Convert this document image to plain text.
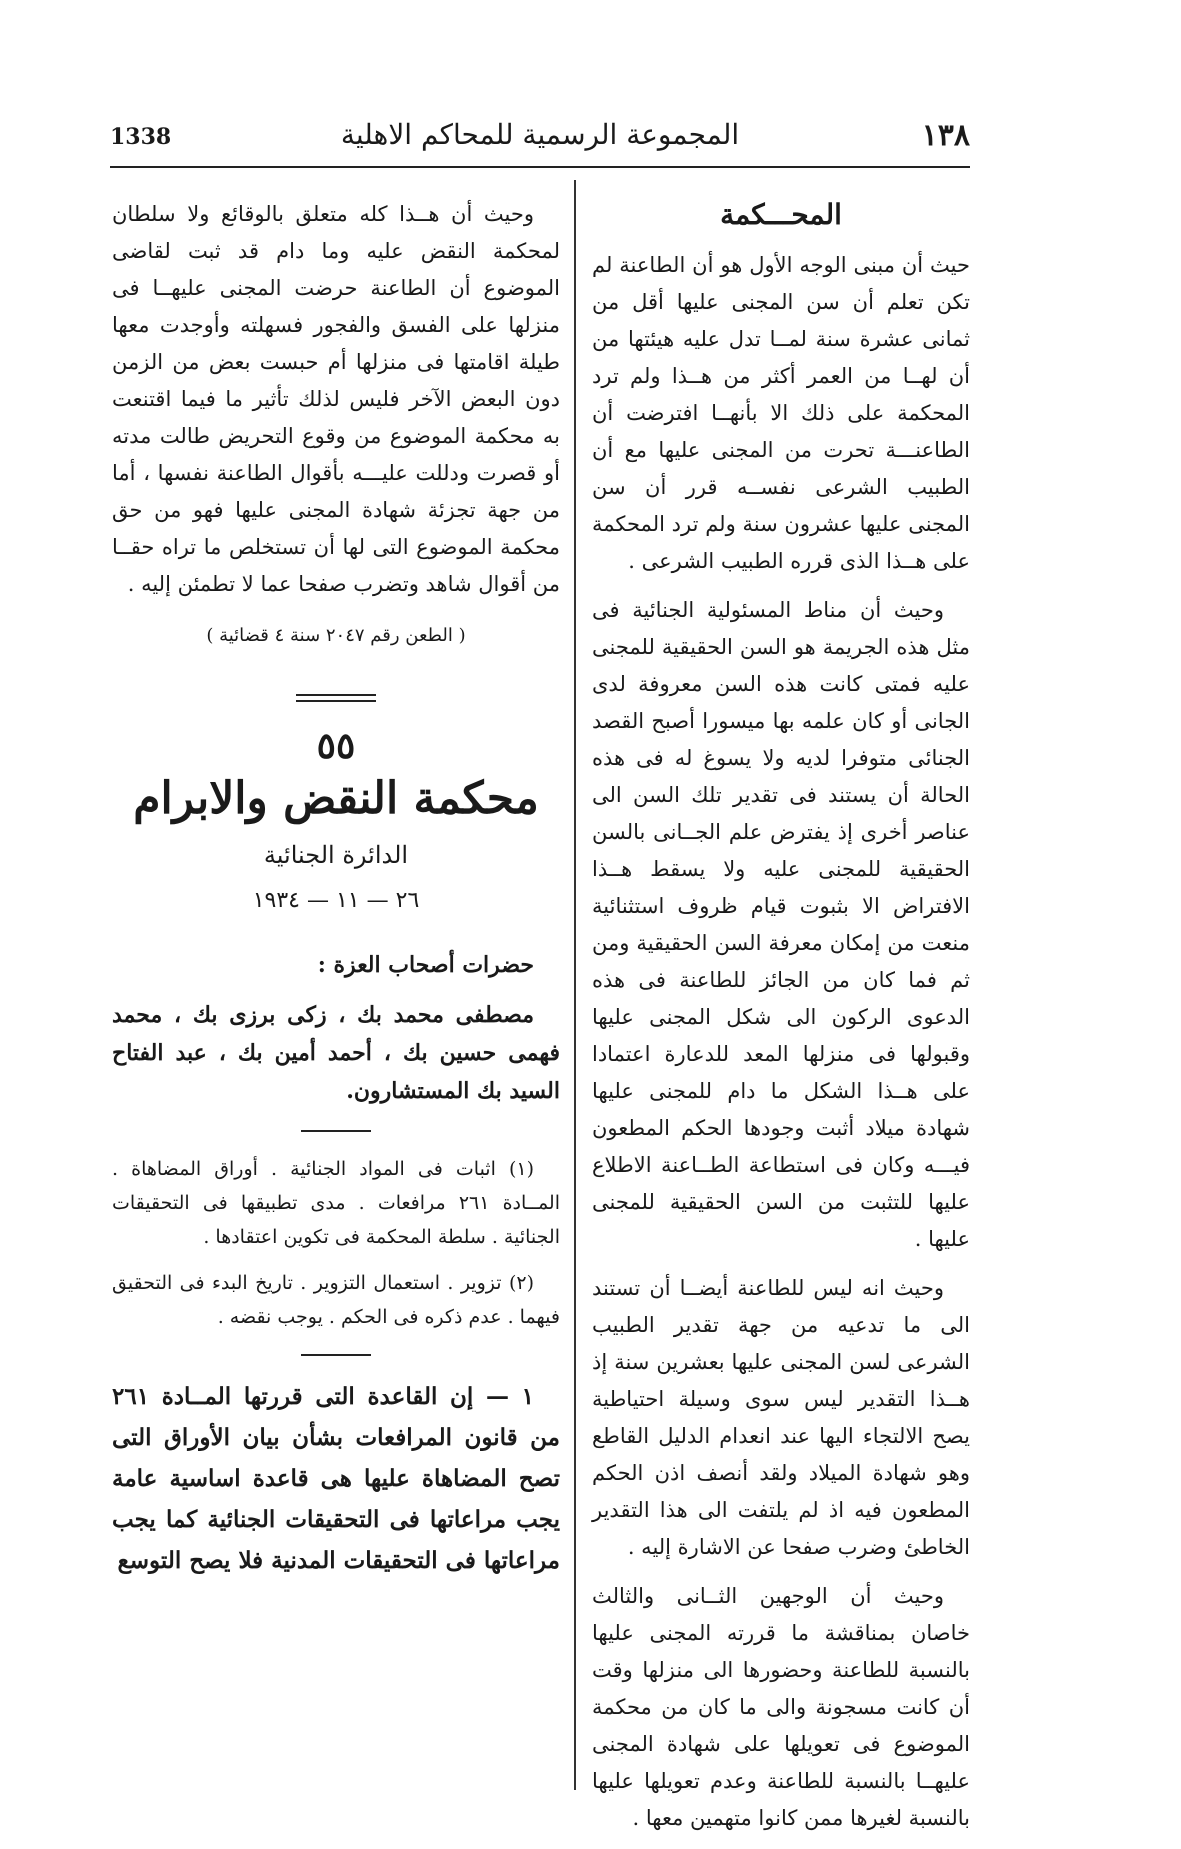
1338	المجموعة الرسمية للمحاكم الاهلية	١٣٨
المحـــكمة

حيث أن مبنى الوجه الأول هو أن الطاعنة لم تكن تعلم أن سن المجنى عليها أقل من ثمانى عشرة سنة لمــا تدل عليه هيئتها من أن لهــا من العمر أكثر من هــذا ولم ترد المحكمة على ذلك الا بأنهــا افترضت أن الطاعنـــة تحرت من المجنى عليها مع أن الطبيب الشرعى نفســه قرر أن سن المجنى عليها عشرون سنة ولم ترد المحكمة على هــذا الذى قرره الطبيب الشرعى .

وحيث أن مناط المسئولية الجنائية فى مثل هذه الجريمة هو السن الحقيقية للمجنى عليه فمتى كانت هذه السن معروفة لدى الجانى أو كان علمه بها ميسورا أصبح القصد الجنائى متوفرا لديه ولا يسوغ له فى هذه الحالة أن يستند فى تقدير تلك السن الى عناصر أخرى إذ يفترض علم الجــانى بالسن الحقيقية للمجنى عليه ولا يسقط هــذا الافتراض الا بثبوت قيام ظروف استثنائية منعت من إمكان معرفة السن الحقيقية ومن ثم فما كان من الجائز للطاعنة فى هذه الدعوى الركون الى شكل المجنى عليها وقبولها فى منزلها المعد للدعارة اعتمادا على هــذا الشكل ما دام للمجنى عليها شهادة ميلاد أثبت وجودها الحكم المطعون فيـــه وكان فى استطاعة الطــاعنة الاطلاع عليها للتثبت من السن الحقيقية للمجنى عليها .

وحيث انه ليس للطاعنة أيضــا أن تستند الى ما تدعيه من جهة تقدير الطبيب الشرعى لسن المجنى عليها بعشرين سنة إذ هــذا التقدير ليس سوى وسيلة احتياطية يصح الالتجاء اليها عند انعدام الدليل القاطع وهو شهادة الميلاد ولقد أنصف اذن الحكم المطعون فيه اذ لم يلتفت الى هذا التقدير الخاطئ وضرب صفحا عن الاشارة إليه .

وحيث أن الوجهين الثــانى والثالث خاصان بمناقشة ما قررته المجنى عليها بالنسبة للطاعنة وحضورها الى منزلها وقت أن كانت مسجونة والى ما كان من محكمة الموضوع فى تعويلها على شهادة المجنى عليهــا بالنسبة للطاعنة وعدم تعويلها عليها بالنسبة لغيرها ممن كانوا متهمين معها .

وحيث أن هــذا كله متعلق بالوقائع ولا سلطان لمحكمة النقض عليه وما دام قد ثبت لقاضى الموضوع أن الطاعنة حرضت المجنى عليهــا فى منزلها على الفسق والفجور فسهلته وأوجدت معها طيلة اقامتها فى منزلها أم حبست بعض من الزمن دون البعض الآخر فليس لذلك تأثير ما فيما اقتنعت به محكمة الموضوع من وقوع التحريض طالت مدته أو قصرت ودللت عليـــه بأقوال الطاعنة نفسها ، أما من جهة تجزئة شهادة المجنى عليها فهو من حق محكمة الموضوع التى لها أن تستخلص ما تراه حقــا من أقوال شاهد وتضرب صفحا عما لا تطمئن إليه .

( الطعن رقم ٢٠٤٧ سنة ٤ قضائية )
٥٥
محكمة النقض والابرام
الدائرة الجنائية
٢٦ — ١١ — ١٩٣٤

حضرات أصحاب العزة :

مصطفى محمد بك ، زكى برزى بك ، محمد فهمى حسين بك ، أحمد أمين بك ، عبد الفتاح السيد بك المستشارون.

(١) اثبات فى المواد الجنائية . أوراق المضاهاة . المــادة ٢٦١ مرافعات . مدى تطبيقها فى التحقيقات الجنائية . سلطة المحكمة فى تكوين اعتقادها .

(٢) تزوير . استعمال التزوير . تاريخ البدء فى التحقيق فيهما . عدم ذكره فى الحكم . يوجب نقضه .

١ — إن القاعدة التى قررتها المــادة ٢٦١ من قانون المرافعات بشأن بيان الأوراق التى تصح المضاهاة عليها هى قاعدة اساسية عامة يجب مراعاتها فى التحقيقات الجنائية كما يجب مراعاتها فى التحقيقات المدنية فلا يصح التوسع
